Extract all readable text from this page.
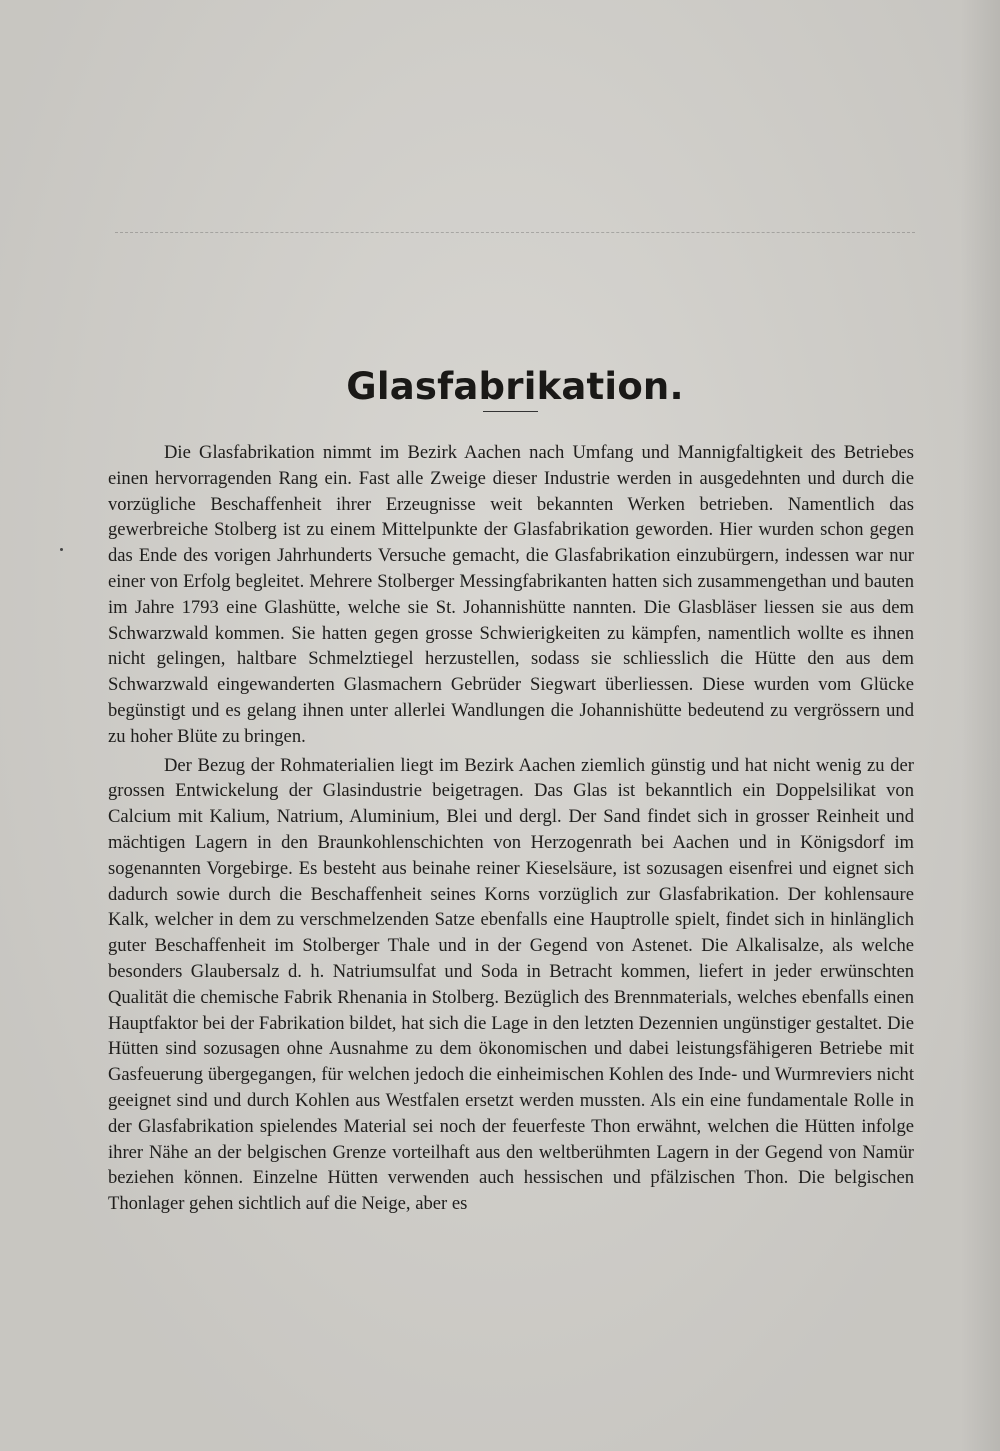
Glasfabrikation.

Die Glasfabrikation nimmt im Bezirk Aachen nach Umfang und Mannigfaltigkeit des Betriebes einen hervorragenden Rang ein. Fast alle Zweige dieser Industrie werden in ausgedehnten und durch die vorzügliche Beschaffenheit ihrer Erzeugnisse weit bekannten Werken betrieben. Namentlich das gewerbreiche Stolberg ist zu einem Mittelpunkte der Glasfabrikation geworden. Hier wurden schon gegen das Ende des vorigen Jahrhunderts Versuche gemacht, die Glasfabrikation einzubürgern, indessen war nur einer von Erfolg begleitet. Mehrere Stolberger Messingfabrikanten hatten sich zusammengethan und bauten im Jahre 1793 eine Glashütte, welche sie St. Johannishütte nannten. Die Glasbläser liessen sie aus dem Schwarzwald kommen. Sie hatten gegen grosse Schwierigkeiten zu kämpfen, namentlich wollte es ihnen nicht gelingen, haltbare Schmelztiegel herzustellen, sodass sie schliesslich die Hütte den aus dem Schwarzwald eingewanderten Glasmachern Gebrüder Siegwart überliessen. Diese wurden vom Glücke begünstigt und es gelang ihnen unter allerlei Wandlungen die Johannishütte bedeutend zu vergrössern und zu hoher Blüte zu bringen.

Der Bezug der Rohmaterialien liegt im Bezirk Aachen ziemlich günstig und hat nicht wenig zu der grossen Entwickelung der Glasindustrie beigetragen. Das Glas ist bekanntlich ein Doppelsilikat von Calcium mit Kalium, Natrium, Aluminium, Blei und dergl. Der Sand findet sich in grosser Reinheit und mächtigen Lagern in den Braunkohlenschichten von Herzogenrath bei Aachen und in Königsdorf im sogenannten Vorgebirge. Es besteht aus beinahe reiner Kieselsäure, ist sozusagen eisenfrei und eignet sich dadurch sowie durch die Beschaffenheit seines Korns vorzüglich zur Glasfabrikation. Der kohlensaure Kalk, welcher in dem zu verschmelzenden Satze ebenfalls eine Hauptrolle spielt, findet sich in hinlänglich guter Beschaffenheit im Stolberger Thale und in der Gegend von Astenet. Die Alkalisalze, als welche besonders Glaubersalz d. h. Natriumsulfat und Soda in Betracht kommen, liefert in jeder erwünschten Qualität die chemische Fabrik Rhenania in Stolberg. Bezüglich des Brennmaterials, welches ebenfalls einen Hauptfaktor bei der Fabrikation bildet, hat sich die Lage in den letzten Dezennien ungünstiger gestaltet. Die Hütten sind sozusagen ohne Ausnahme zu dem ökonomischen und dabei leistungsfähigeren Betriebe mit Gasfeuerung übergegangen, für welchen jedoch die einheimischen Kohlen des Inde- und Wurmreviers nicht geeignet sind und durch Kohlen aus Westfalen ersetzt werden mussten. Als ein eine fundamentale Rolle in der Glasfabrikation spielendes Material sei noch der feuerfeste Thon erwähnt, welchen die Hütten infolge ihrer Nähe an der belgischen Grenze vorteilhaft aus den weltberühmten Lagern in der Gegend von Namür beziehen können. Einzelne Hütten verwenden auch hessischen und pfälzischen Thon. Die belgischen Thonlager gehen sichtlich auf die Neige, aber es
